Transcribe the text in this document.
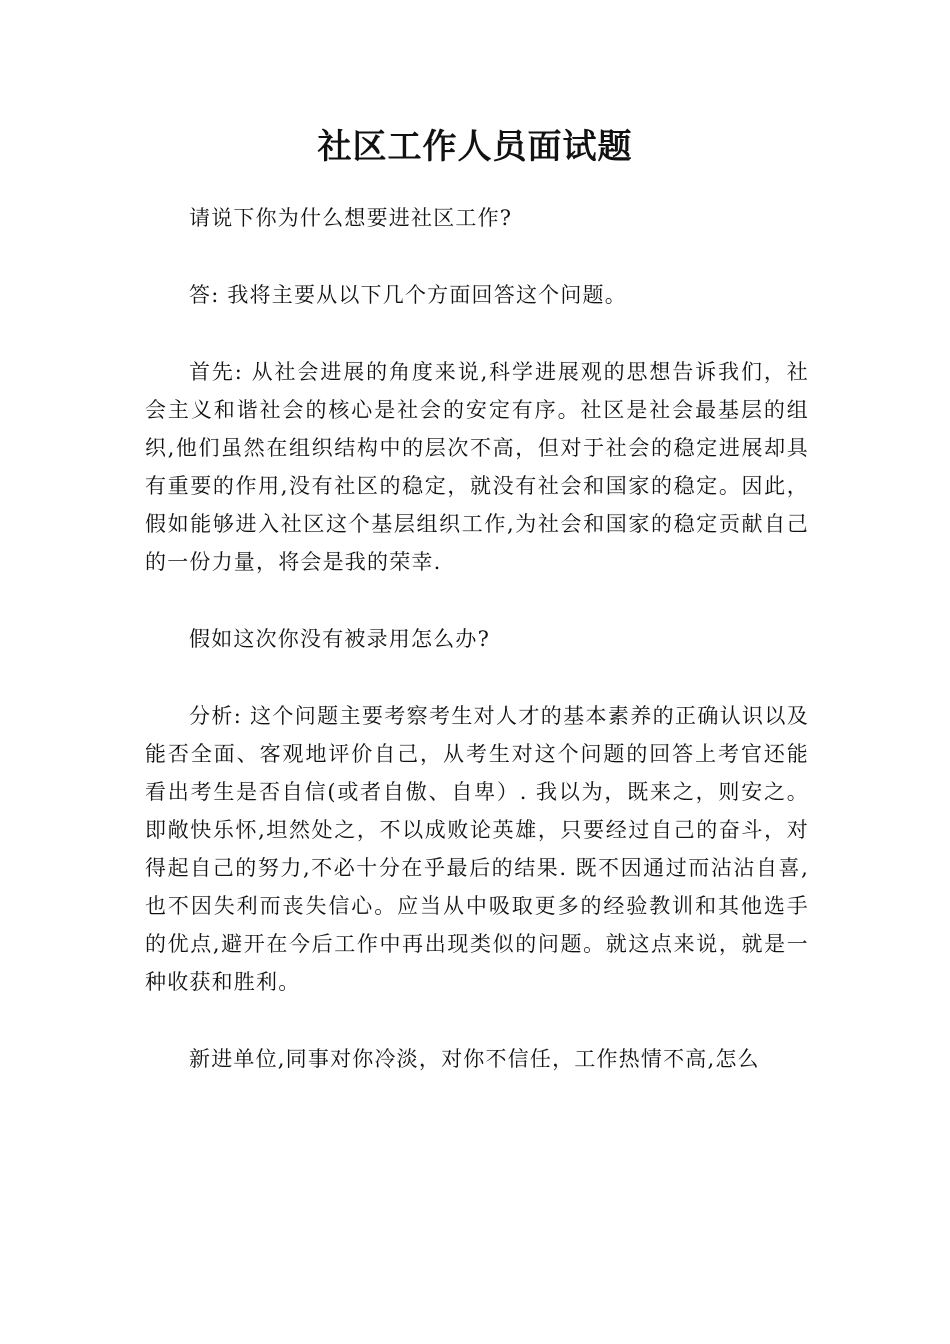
社区工作人员面试题

请说下你为什么想要进社区工作?

答: 我将主要从以下几个方面回答这个问题。

首先: 从社会进展的角度来说,科学进展观的思想告诉我们，社会主义和谐社会的核心是社会的安定有序。社区是社会最基层的组织,他们虽然在组织结构中的层次不高，但对于社会的稳定进展却具有重要的作用,没有社区的稳定，就没有社会和国家的稳定。因此，假如能够进入社区这个基层组织工作,为社会和国家的稳定贡献自己的一份力量，将会是我的荣幸.

假如这次你没有被录用怎么办?

分析: 这个问题主要考察考生对人才的基本素养的正确认识以及能否全面、客观地评价自己，从考生对这个问题的回答上考官还能看出考生是否自信(或者自傲、自卑）. 我以为，既来之，则安之。即敞快乐怀,坦然处之，不以成败论英雄，只要经过自己的奋斗，对得起自己的努力,不必十分在乎最后的结果. 既不因通过而沾沾自喜,也不因失利而丧失信心。应当从中吸取更多的经验教训和其他选手的优点,避开在今后工作中再出现类似的问题。就这点来说，就是一种收获和胜利。

新进单位,同事对你冷淡，对你不信任，工作热情不高,怎么
